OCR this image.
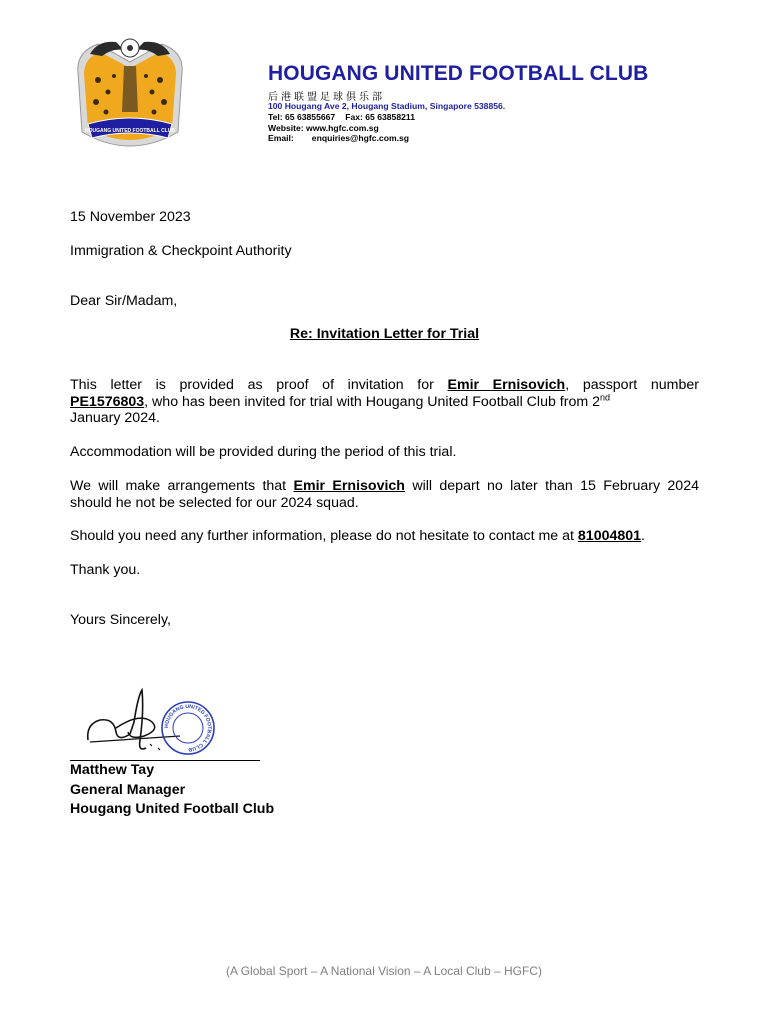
HOUGANG UNITED FOOTBALL CLUB
HOUGANG UNITED FOOTBALL CLUB
后港联盟足球俱乐部
100 Hougang Ave 2, Hougang Stadium, Singapore 538856.
Tel: 65 63855667 Fax: 65 63858211
Website: www.hgfc.com.sg
Email: enquiries@hgfc.com.sg
15 November 2023
Immigration & Checkpoint Authority
Dear Sir/Madam,
Re: Invitation Letter for Trial
This letter is provided as proof of invitation for Emir Ernisovich, passport number
PE1576803, who has been invited for trial with Hougang United Football Club from 2nd
January 2024.
Accommodation will be provided during the period of this trial.
We will make arrangements that Emir Ernisovich will depart no later than 15 February 2024
should he not be selected for our 2024 squad.
Should you need any further information, please do not hesitate to contact me at 81004801.
Thank you.
Yours Sincerely,
HOUGANG UNITED FOOTBALL CLUB
Matthew Tay
General Manager
Hougang United Football Club
(A Global Sport – A National Vision – A Local Club – HGFC)
